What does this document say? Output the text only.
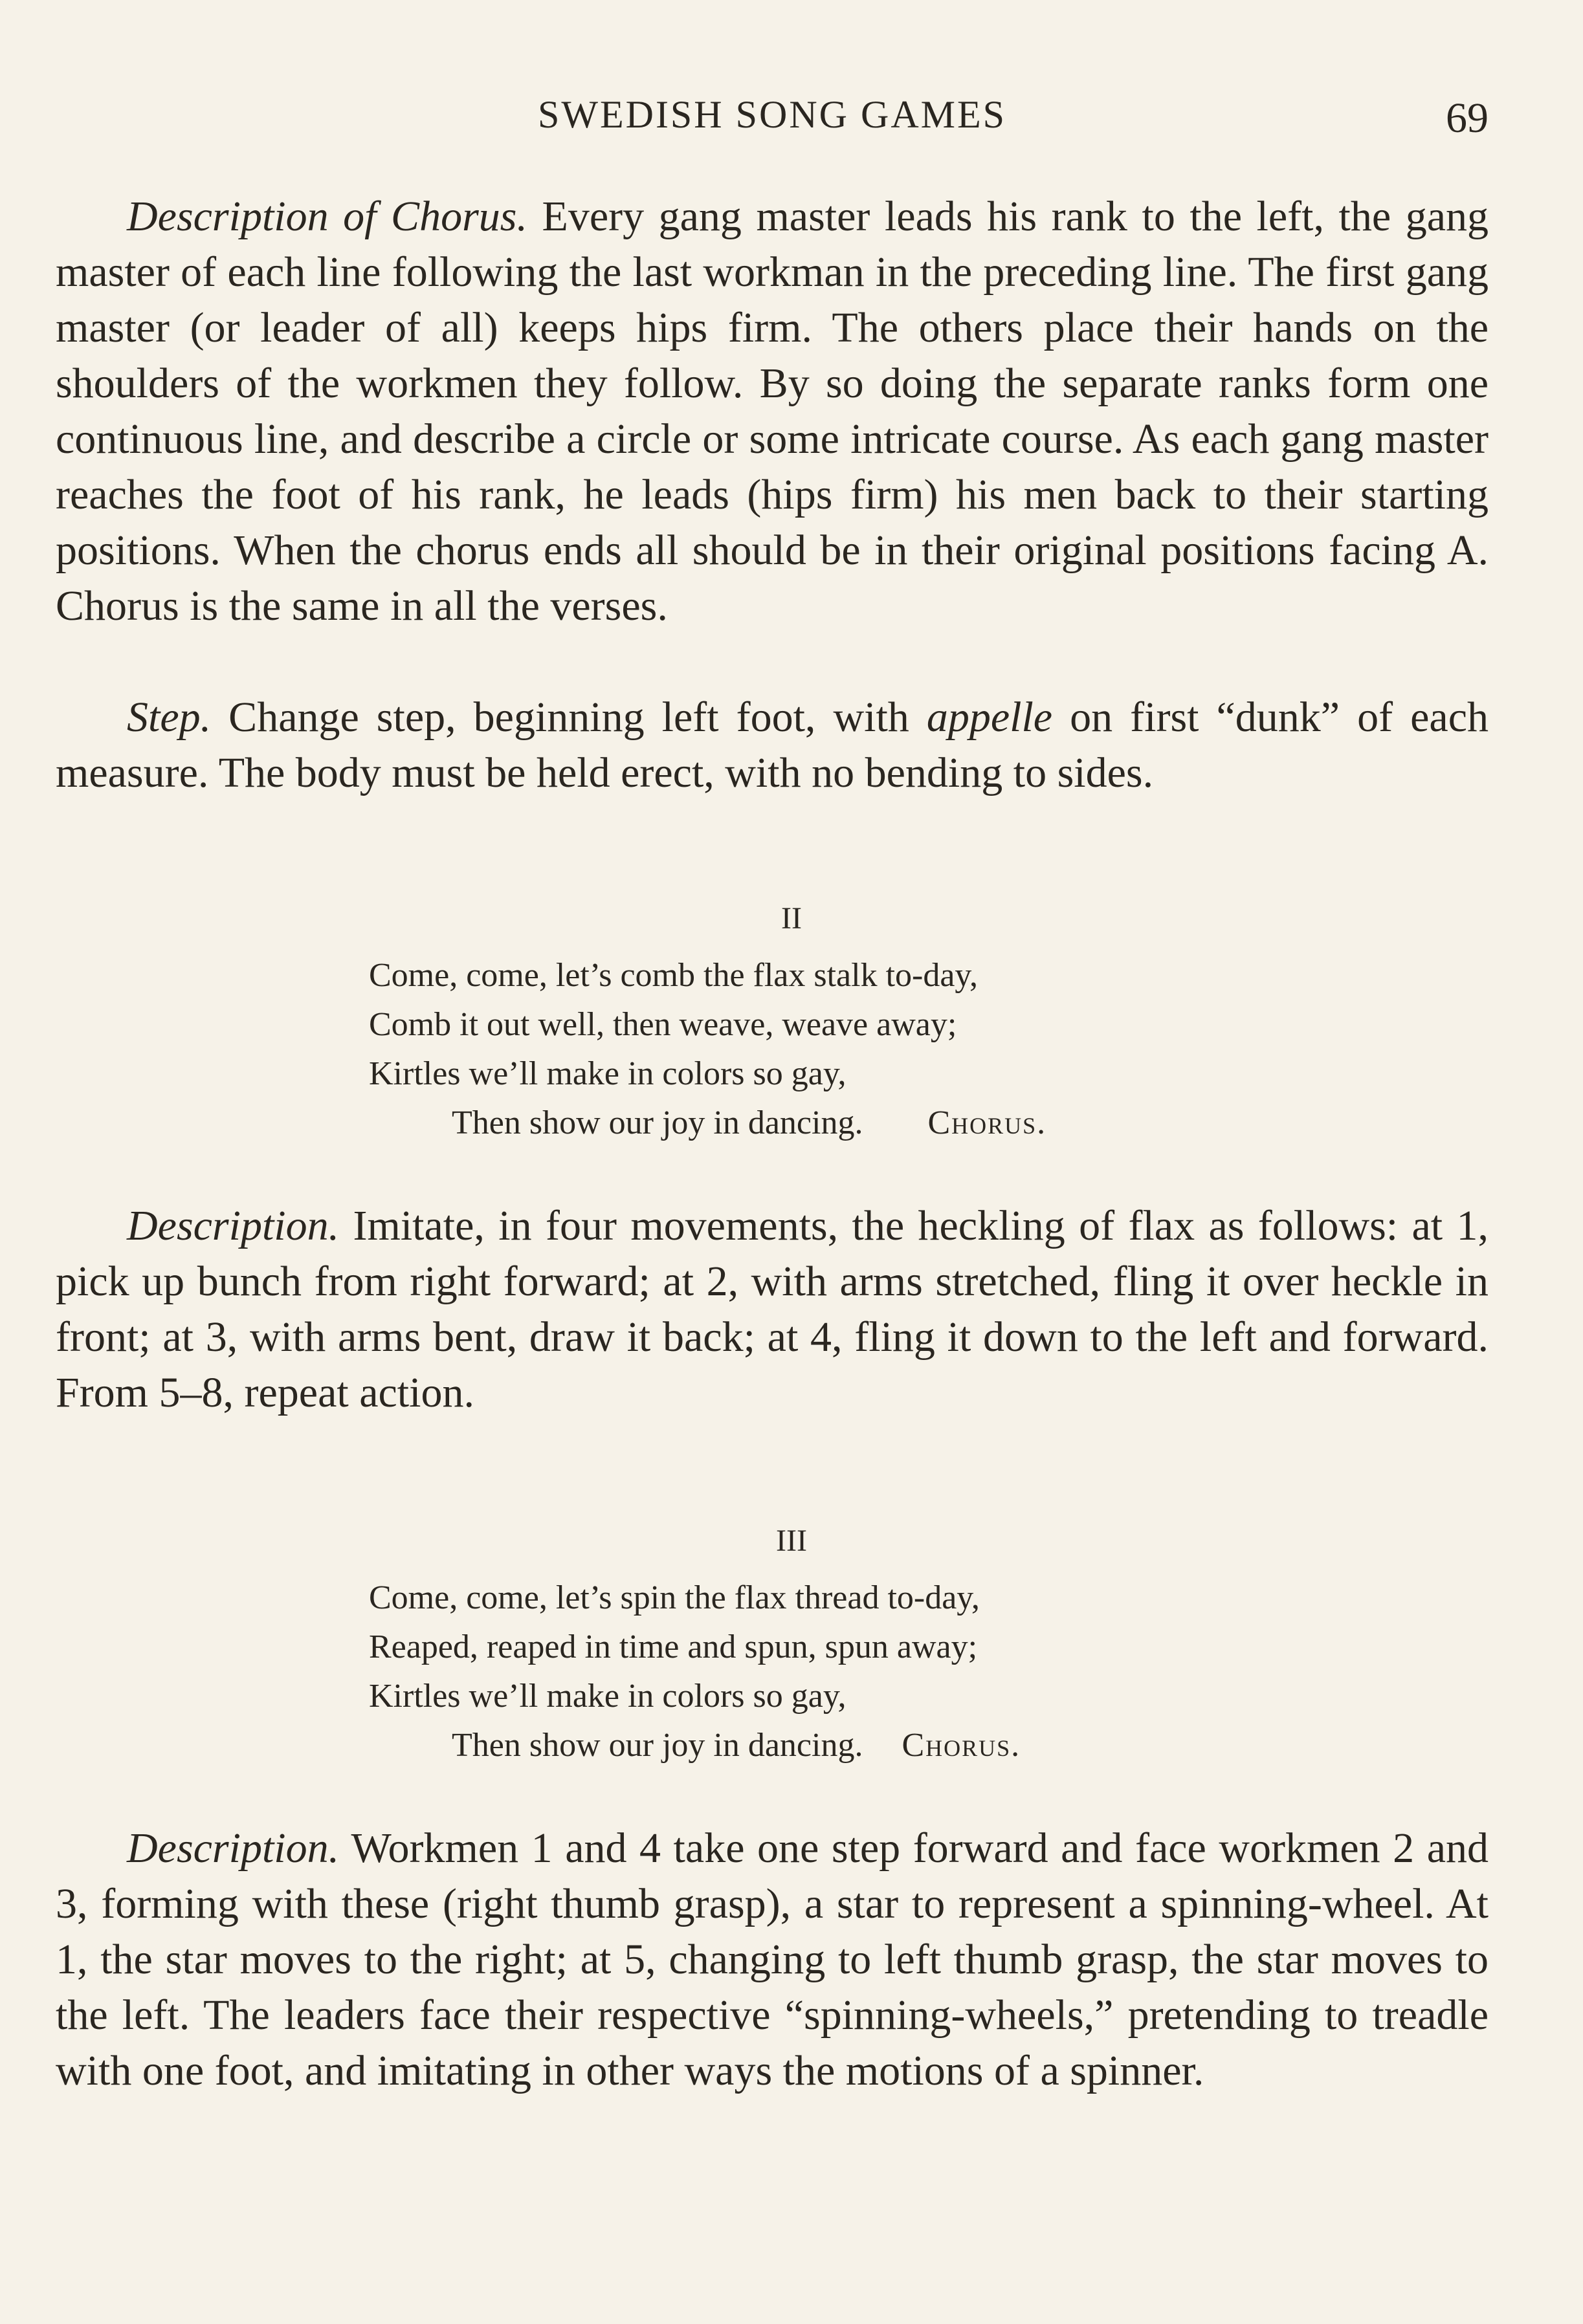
SWEDISH SONG GAMES	69

Description of Chorus. Every gang master leads his rank to the left, the gang master of each line following the last workman in the preceding line. The first gang master (or leader of all) keeps hips firm. The others place their hands on the shoulders of the workmen they follow. By so doing the separate ranks form one continuous line, and describe a circle or some intricate course. As each gang master reaches the foot of his rank, he leads (hips firm) his men back to their starting positions. When the chorus ends all should be in their original positions facing A. Chorus is the same in all the verses.

Step. Change step, beginning left foot, with appelle on first “dunk” of each measure. The body must be held erect, with no bending to sides.

II
Come, come, let’s comb the flax stalk to-day,
Comb it out well, then weave, weave away;
Kirtles we’ll make in colors so gay,
Then show our joy in dancing. Chorus.

Description. Imitate, in four movements, the heckling of flax as follows: at 1, pick up bunch from right forward; at 2, with arms stretched, fling it over heckle in front; at 3, with arms bent, draw it back; at 4, fling it down to the left and forward. From 5–8, repeat action.

III
Come, come, let’s spin the flax thread to-day,
Reaped, reaped in time and spun, spun away;
Kirtles we’ll make in colors so gay,
Then show our joy in dancing. Chorus.

Description. Workmen 1 and 4 take one step forward and face workmen 2 and 3, forming with these (right thumb grasp), a star to represent a spinning-wheel. At 1, the star moves to the right; at 5, changing to left thumb grasp, the star moves to the left. The leaders face their respective “spinning-wheels,” pretending to treadle with one foot, and imitating in other ways the motions of a spinner.
